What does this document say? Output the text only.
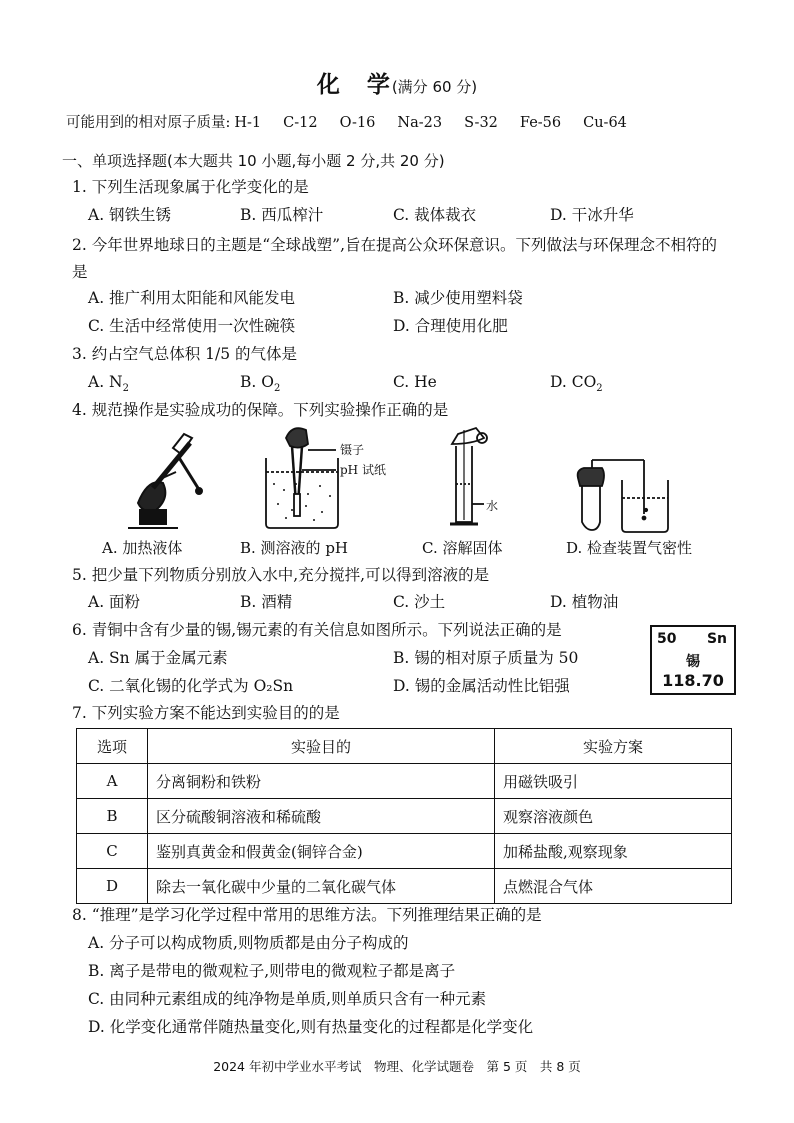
化　学(满分 60 分)
可能用到的相对原子质量: H-1 C-12 O-16 Na-23 S-32 Fe-56 Cu-64
一、单项选择题(本大题共 10 小题,每小题 2 分,共 20 分)
1. 下列生活现象属于化学变化的是
A. 钢铁生锈	B. 西瓜榨汁	C. 裁体裁衣	D. 干冰升华
2. 今年世界地球日的主题是“全球战塑”,旨在提高公众环保意识。下列做法与环保理念不相符的是
A. 推广利用太阳能和风能发电	B. 减少使用塑料袋
C. 生活中经常使用一次性碗筷	D. 合理使用化肥
3. 约占空气总体积 1/5 的气体是
A. $N_2$	B. $O_2$	C. He	D. $CO_2$
4. 规范操作是实验成功的保障。下列实验操作正确的是
镊子
pH 试纸
水
A. 加热液体	B. 测溶液的 pH	C. 溶解固体	D. 检查装置气密性
5. 把少量下列物质分别放入水中,充分搅拌,可以得到溶液的是
A. 面粉	B. 酒精	C. 沙土	D. 植物油
6. 青铜中含有少量的锡,锡元素的有关信息如图所示。下列说法正确的是
A. Sn 属于金属元素	B. 锡的相对原子质量为 50
C. 二氧化锡的化学式为 O₂Sn	D. 锡的金属活动性比铝强
50 Sn
锡
118.70
7. 下列实验方案不能达到实验目的的是
选项	实验目的	实验方案
A	分离铜粉和铁粉	用磁铁吸引
B	区分硫酸铜溶液和稀硫酸	观察溶液颜色
C	鉴别真黄金和假黄金(铜锌合金)	加稀盐酸,观察现象
D	除去一氧化碳中少量的二氧化碳气体	点燃混合气体
8. “推理”是学习化学过程中常用的思维方法。下列推理结果正确的是
A. 分子可以构成物质,则物质都是由分子构成的
B. 离子是带电的微观粒子,则带电的微观粒子都是离子
C. 由同种元素组成的纯净物是单质,则单质只含有一种元素
D. 化学变化通常伴随热量变化,则有热量变化的过程都是化学变化
2024 年初中学业水平考试　物理、化学试题卷　第 5 页　共 8 页
